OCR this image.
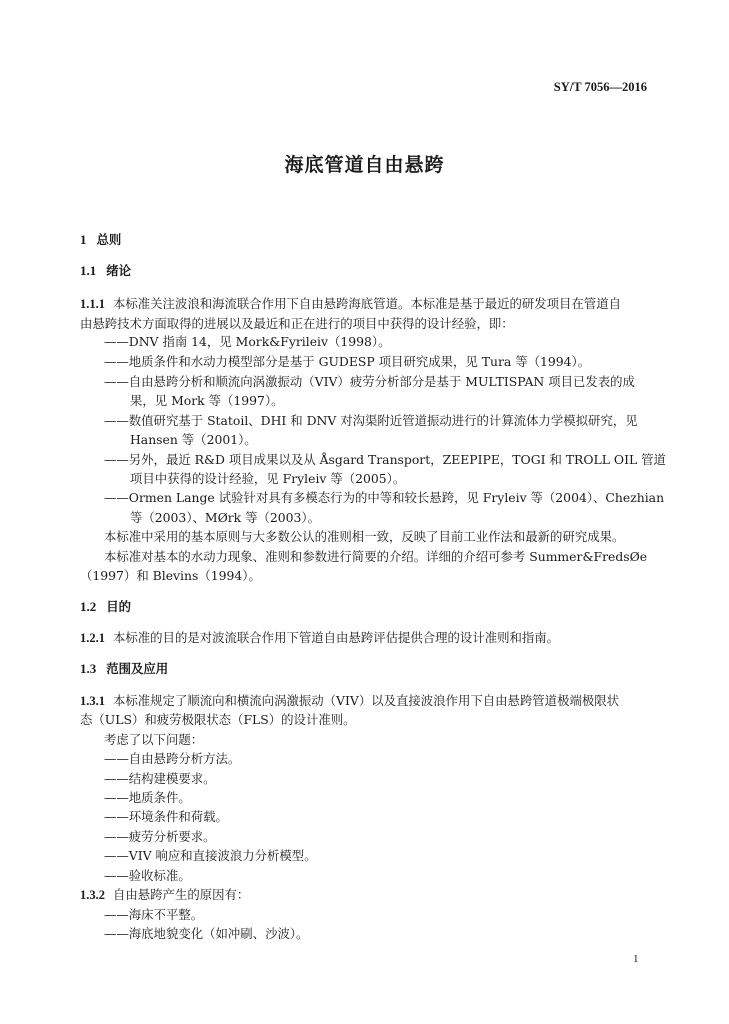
SY/T 7056—2016
海底管道自由悬跨
1 总则
1.1 绪论
1.1.1 本标准关注波浪和海流联合作用下自由悬跨海底管道。本标准是基于最近的研发项目在管道自
由悬跨技术方面取得的进展以及最近和正在进行的项目中获得的设计经验，即：
——DNV 指南 14，见 Mork&Fyrileiv（1998）。
——地质条件和水动力模型部分是基于 GUDESP 项目研究成果，见 Tura 等（1994）。
——自由悬跨分析和顺流向涡激振动（VIV）疲劳分析部分是基于 MULTISPAN 项目已发表的成
果，见 Mork 等（1997）。
——数值研究基于 Statoil、DHI 和 DNV 对沟渠附近管道振动进行的计算流体力学模拟研究，见
Hansen 等（2001）。
——另外，最近 R&D 项目成果以及从 Åsgard Transport，ZEEPIPE，TOGI 和 TROLL OIL 管道
项目中获得的设计经验，见 Fryleiv 等（2005）。
——Ormen Lange 试验针对具有多模态行为的中等和较长悬跨，见 Fryleiv 等（2004）、Chezhian
等（2003）、MØrk 等（2003）。
本标准中采用的基本原则与大多数公认的准则相一致，反映了目前工业作法和最新的研究成果。
本标准对基本的水动力现象、准则和参数进行简要的介绍。详细的介绍可参考 Summer&FredsØe
（1997）和 Blevins（1994）。
1.2 目的
1.2.1 本标准的目的是对波流联合作用下管道自由悬跨评估提供合理的设计准则和指南。
1.3 范围及应用
1.3.1 本标准规定了顺流向和横流向涡激振动（VIV）以及直接波浪作用下自由悬跨管道极端极限状
态（ULS）和疲劳极限状态（FLS）的设计准则。
考虑了以下问题：
——自由悬跨分析方法。
——结构建模要求。
——地质条件。
——环境条件和荷载。
——疲劳分析要求。
——VIV 响应和直接波浪力分析模型。
——验收标准。
1.3.2 自由悬跨产生的原因有：
——海床不平整。
——海底地貌变化（如冲刷、沙波）。
1
